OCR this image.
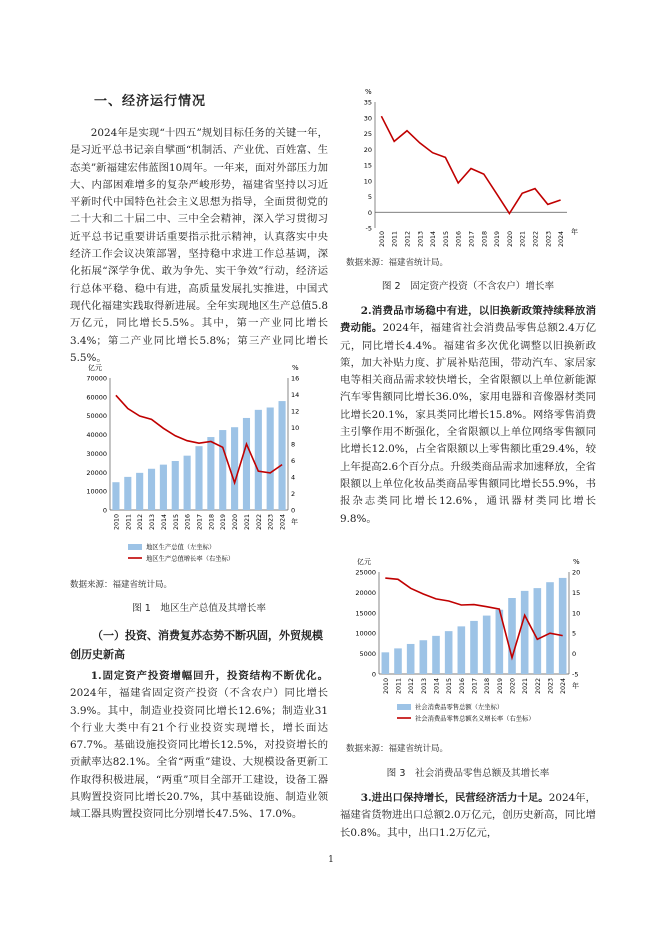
一、经济运行情况

2024年是实现“十四五”规划目标任务的关键一年，是习近平总书记亲自擘画“机制活、产业优、百姓富、生态美”新福建宏伟蓝图10周年。一年来，面对外部压力加大、内部困难增多的复杂严峻形势，福建省坚持以习近平新时代中国特色社会主义思想为指导，全面贯彻党的二十大和二十届二中、三中全会精神，深入学习贯彻习近平总书记重要讲话重要指示批示精神，认真落实中央经济工作会议决策部署，坚持稳中求进工作总基调，深化拓展“深学争优、敢为争先、实干争效”行动，经济运行总体平稳、稳中有进，高质量发展扎实推进，中国式现代化福建实践取得新进展。全年实现地区生产总值5.8万亿元，同比增长5.5%。其中，第一产业同比增长3.4%；第二产业同比增长5.8%；第三产业同比增长5.5%。

亿元	%
0
10000
20000
30000
40000
50000
60000
70000
0
2
4
6
8
10
12
14
16
2010 2011 2012 2013 2014 2015 2016 2017 2018 2019 2020 2021 2022 2023 2024 年
地区生产总值（左坐标）
地区生产总值增长率（右坐标）
数据来源：福建省统计局。
图 1　地区生产总值及其增长率

（一）投资、消费复苏态势不断巩固，外贸规模创历史新高

1.固定资产投资增幅回升，投资结构不断优化。2024年，福建省固定资产投资（不含农户）同比增长3.9%。其中，制造业投资同比增长12.6%；制造业31个行业大类中有21个行业投资实现增长，增长面达67.7%。基础设施投资同比增长12.5%，对投资增长的贡献率达82.1%。全省“两重”建设、大规模设备更新工作取得积极进展，“两重”项目全部开工建设，设备工器具购置投资同比增长20.7%，其中基础设施、制造业领域工器具购置投资同比分别增长47.5%、17.0%。

%
-5
0
5
10
15
20
25
30
35
2010 2011 2012 2013 2014 2015 2016 2017 2018 2019 2020 2021 2022 2023 2024 年
数据来源：福建省统计局。
图 2　固定资产投资（不含农户）增长率

2.消费品市场稳中有进，以旧换新政策持续释放消费动能。2024年，福建省社会消费品零售总额2.4万亿元，同比增长4.4%。福建省多次优化调整以旧换新政策，加大补贴力度、扩展补贴范围，带动汽车、家居家电等相关商品需求较快增长，全省限额以上单位新能源汽车零售额同比增长36.0%，家用电器和音像器材类同比增长20.1%，家具类同比增长15.8%。网络零售消费主引擎作用不断强化，全省限额以上单位网络零售额同比增长12.0%，占全省限额以上零售额比重29.4%，较上年提高2.6个百分点。升级类商品需求加速释放，全省限额以上单位化妆品类商品零售额同比增长55.9%，书报杂志类同比增长12.6%，通讯器材类同比增长9.8%。

亿元	%
0
5000
10000
15000
20000
25000
-5
0
5
10
15
20
2010 2011 2012 2013 2014 2015 2016 2017 2018 2019 2020 2021 2022 2023 2024 年
社会消费品零售总额（左坐标）
社会消费品零售总额名义增长率（右坐标）
数据来源：福建省统计局。
图 3　社会消费品零售总额及其增长率

3.进出口保持增长，民营经济活力十足。2024年，福建省货物进出口总额2.0万亿元，创历史新高，同比增长0.8%。其中，出口1.2万亿元，

1
